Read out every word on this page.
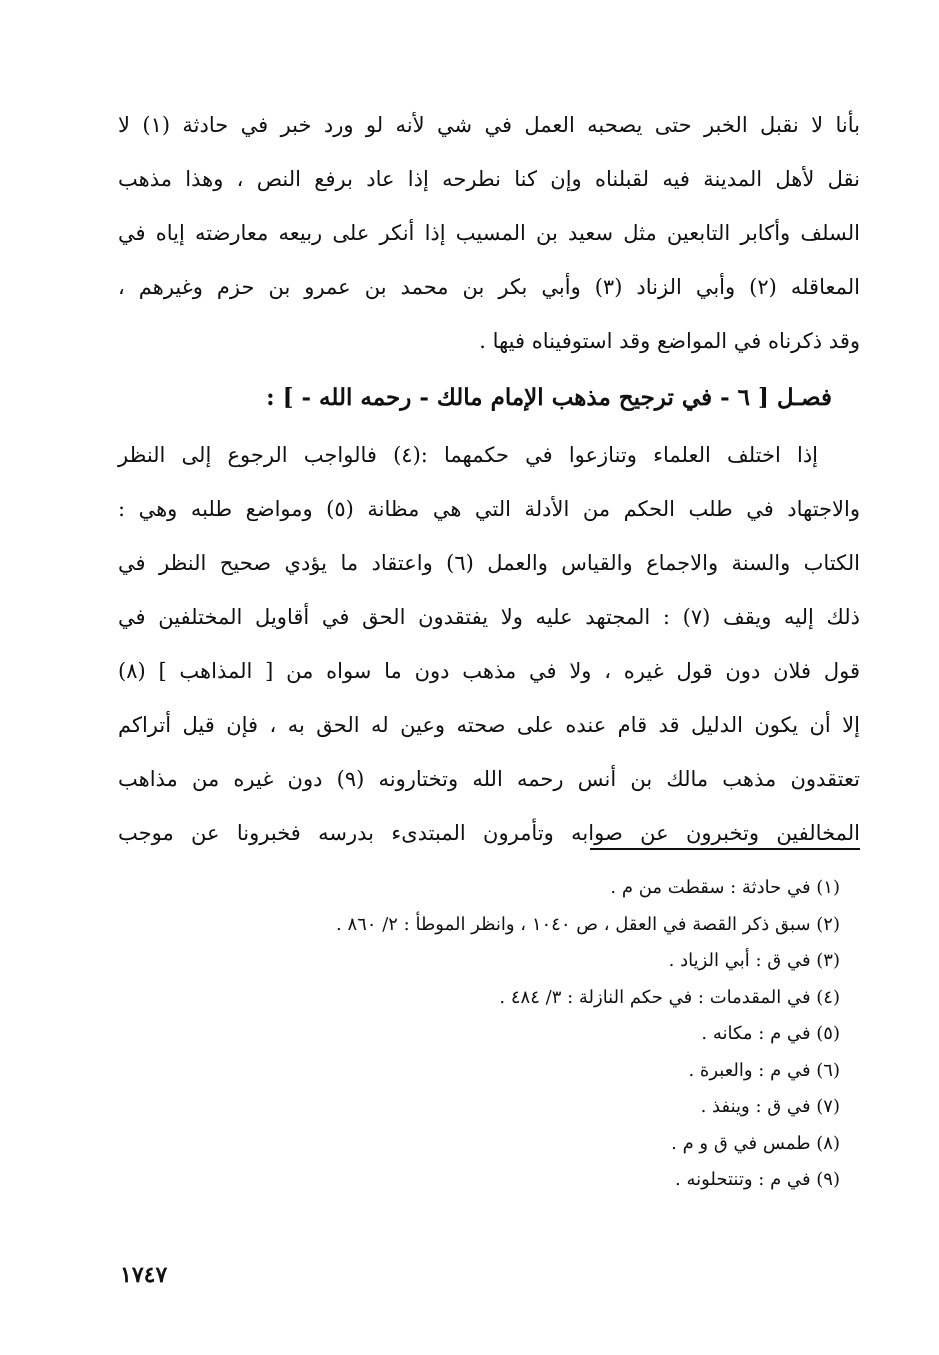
بأنا لا نقبل الخبر حتى يصحبه العمل في شي لأنه لو ورد خبر في حادثة (١) لا
نقل لأهل المدينة فيه لقبلناه وإن كنا نطرحه إذا عاد برفع النص ، وهذا مذهب
السلف وأكابر التابعين مثل سعيد بن المسيب إذا أنكر على ربيعه معارضته إياه في
المعاقله (٢) وأبي الزناد (٣) وأبي بكر بن محمد بن عمرو بن حزم وغيرهم ،
وقد ذكرناه في المواضع وقد استوفيناه فيها .
فصـل [ ٦ - في ترجيح مذهب الإمام مالك - رحمه الله - ] :
إذا اختلف العلماء وتنازعوا في حكمهما :(٤) فالواجب الرجوع إلى النظر
والاجتهاد في طلب الحكم من الأدلة التي هي مظانة (٥) ومواضع طلبه وهي :
الكتاب والسنة والاجماع والقياس والعمل (٦) واعتقاد ما يؤدي صحيح النظر في
ذلك إليه ويقف (٧) : المجتهد عليه ولا يفتقدون الحق في أقاويل المختلفين في
قول فلان دون قول غيره ، ولا في مذهب دون ما سواه من [ المذاهب ] (٨)
إلا أن يكون الدليل قد قام عنده على صحته وعين له الحق به ، فإن قيل أتراكم
تعتقدون مذهب مالك بن أنس رحمه الله وتختارونه (٩) دون غيره من مذاهب
المخالفين وتخبرون عن صوابه وتأمرون المبتدىء بدرسه فخبرونا عن موجب
(١) في حادثة : سقطت من م .
(٢) سبق ذكر القصة في العقل ، ص ١٠٤٠ ، وانظر الموطأ : ٢/ ٨٦٠ .
(٣) في ق : أبي الزياد .
(٤) في المقدمات : في حكم النازلة : ٣/ ٤٨٤ .
(٥) في م : مكانه .
(٦) في م : والعبرة .
(٧) في ق : وينفذ .
(٨) طمس في ق و م .
(٩) في م : وتنتحلونه .
١٧٤٧
